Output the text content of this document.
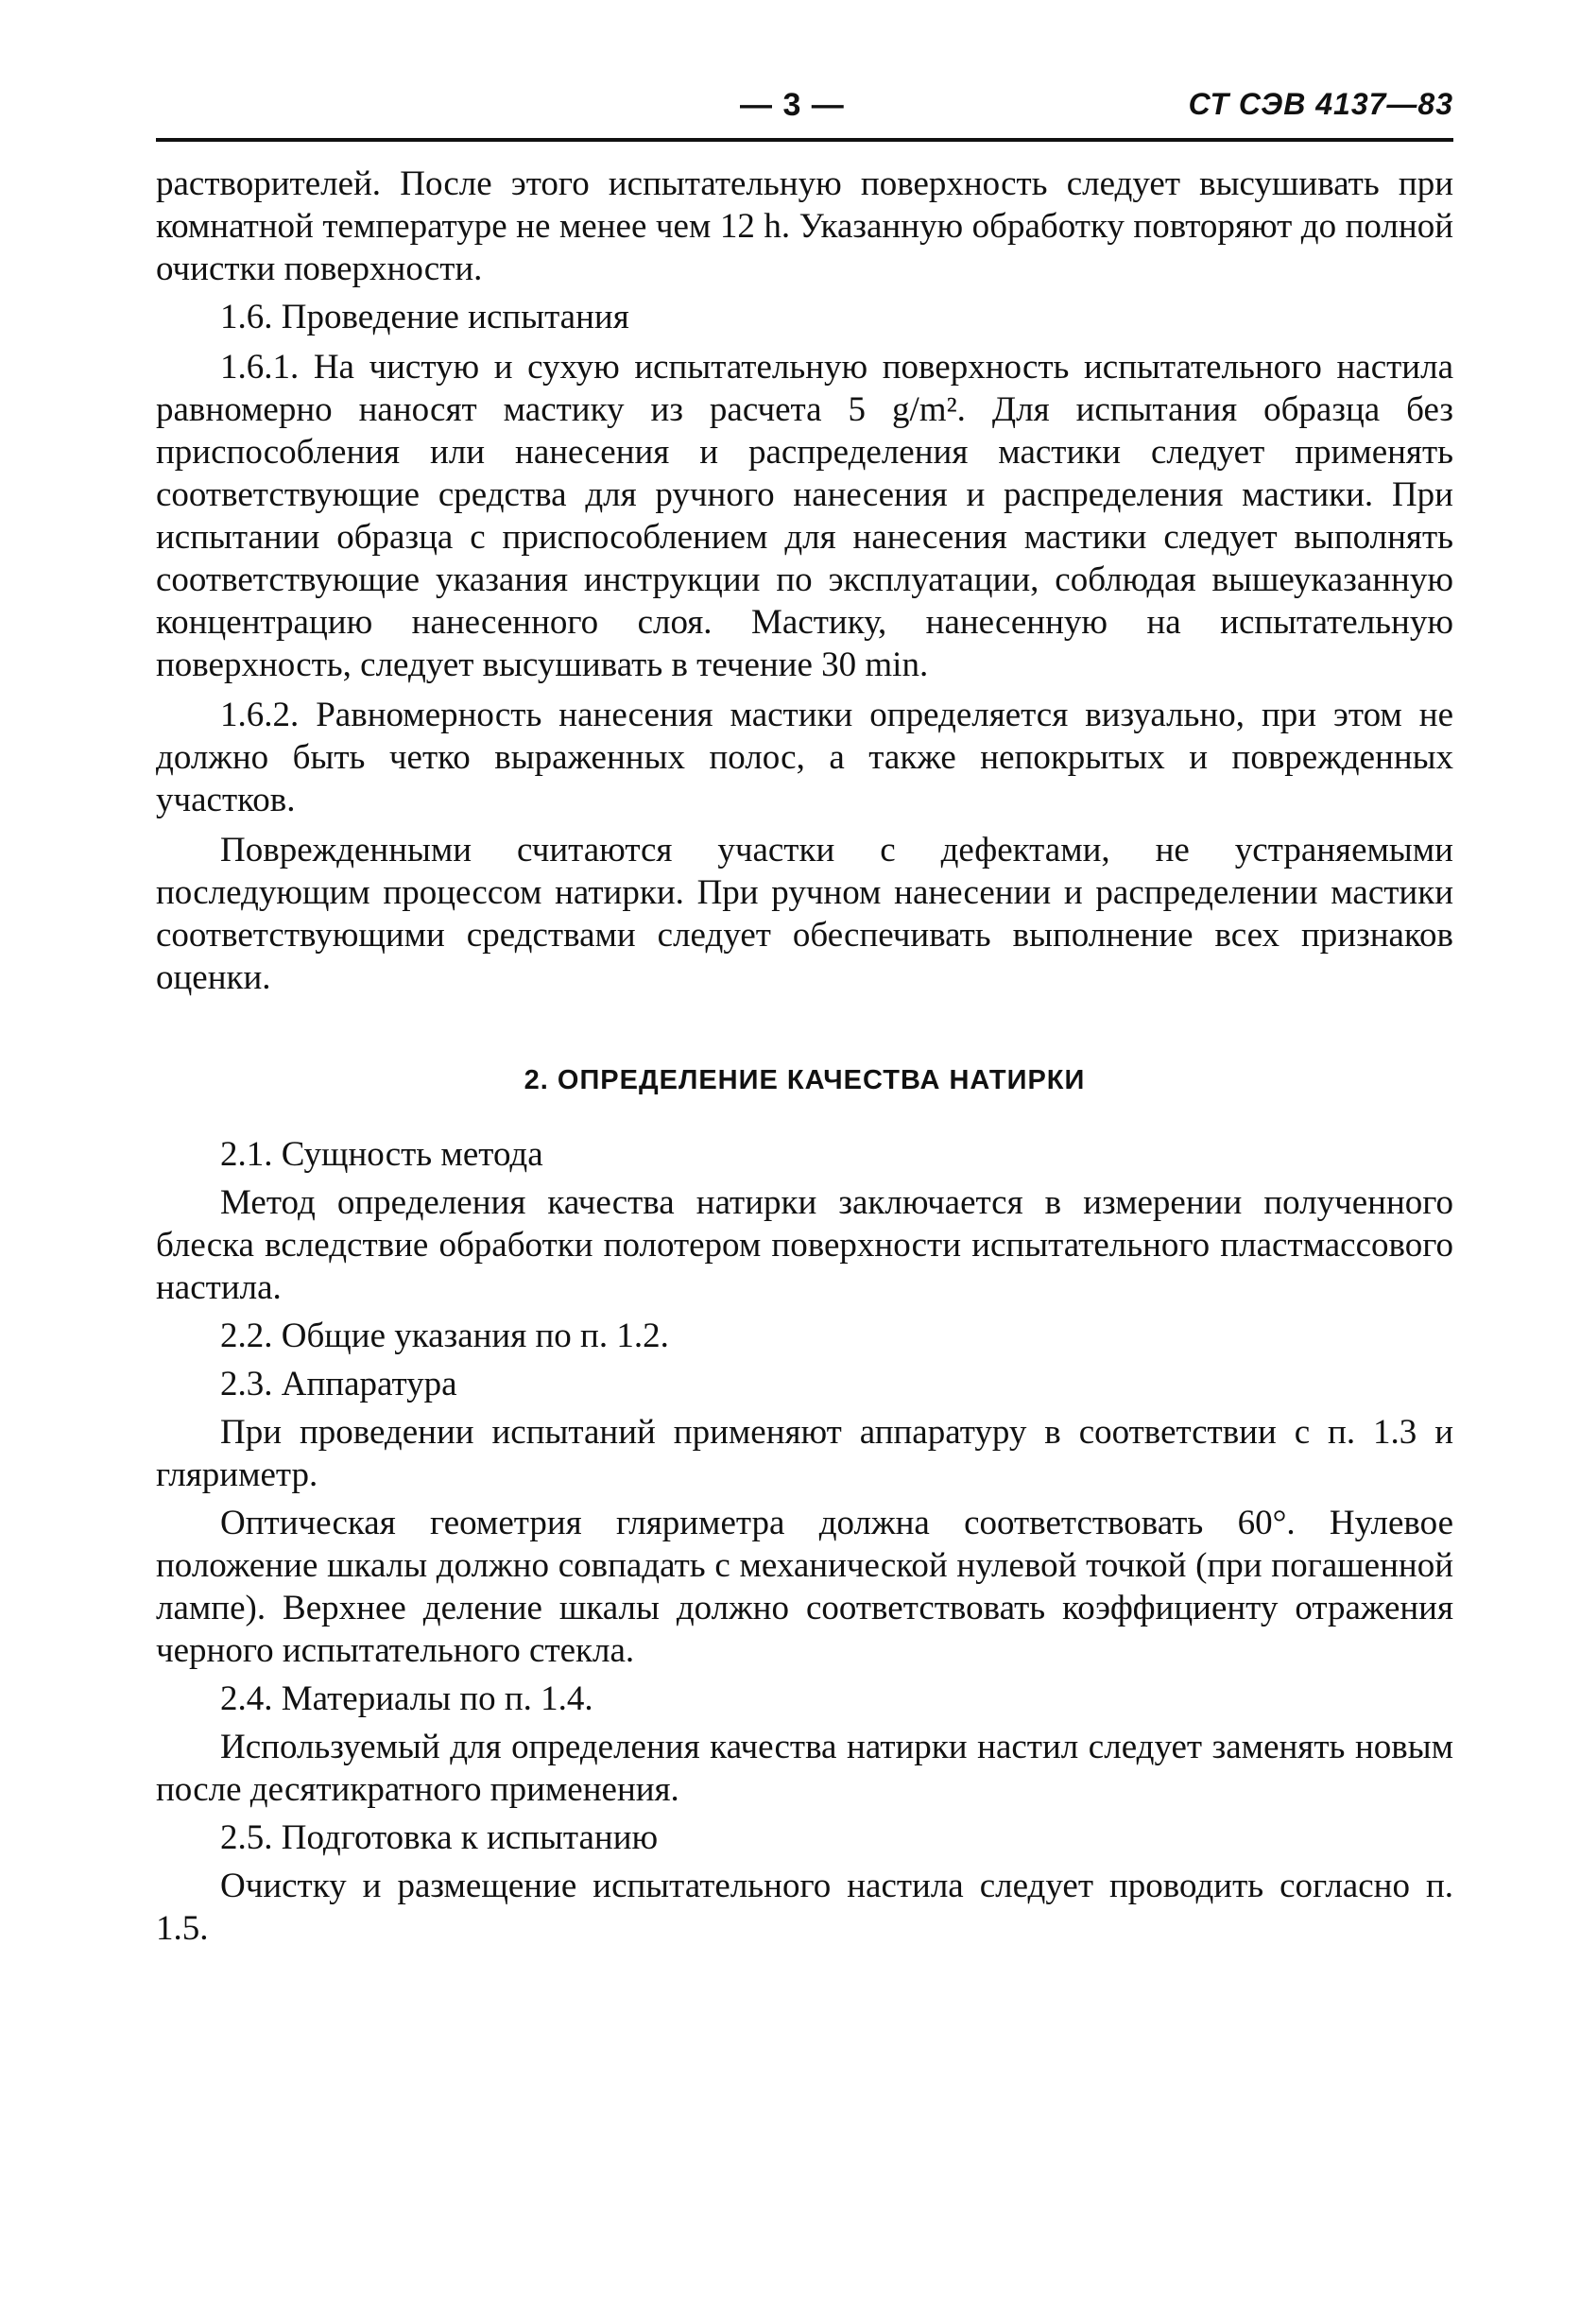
— 3 —	СТ СЭВ 4137—83

растворителей. После этого испытательную поверхность следует высушивать при комнатной температуре не менее чем 12 h. Указанную обработку повторяют до полной очистки поверхности.

1.6. Проведение испытания

1.6.1. На чистую и сухую испытательную поверхность испытательного настила равномерно наносят мастику из расчета 5 g/m². Для испытания образца без приспособления или нанесения и распределения мастики следует применять соответствующие средства для ручного нанесения и распределения мастики. При испытании образца с приспособлением для нанесения мастики следует выполнять соответствующие указания инструкции по эксплуатации, соблюдая вышеуказанную концентрацию нанесенного слоя. Мастику, нанесенную на испытательную поверхность, следует высушивать в течение 30 min.

1.6.2. Равномерность нанесения мастики определяется визуально, при этом не должно быть четко выраженных полос, а также непокрытых и поврежденных участков.

Поврежденными считаются участки с дефектами, не устраняемыми последующим процессом натирки. При ручном нанесении и распределении мастики соответствующими средствами следует обеспечивать выполнение всех признаков оценки.

2. ОПРЕДЕЛЕНИЕ КАЧЕСТВА НАТИРКИ

2.1. Сущность метода

Метод определения качества натирки заключается в измерении полученного блеска вследствие обработки полотером поверхности испытательного пластмассового настила.

2.2. Общие указания по п. 1.2.

2.3. Аппаратура

При проведении испытаний применяют аппаратуру в соответствии с п. 1.3 и гляриметр.

Оптическая геометрия гляриметра должна соответствовать 60°. Нулевое положение шкалы должно совпадать с механической нулевой точкой (при погашенной лампе). Верхнее деление шкалы должно соответствовать коэффициенту отражения черного испытательного стекла.

2.4. Материалы по п. 1.4.

Используемый для определения качества натирки настил следует заменять новым после десятикратного применения.

2.5. Подготовка к испытанию

Очистку и размещение испытательного настила следует проводить согласно п. 1.5.
